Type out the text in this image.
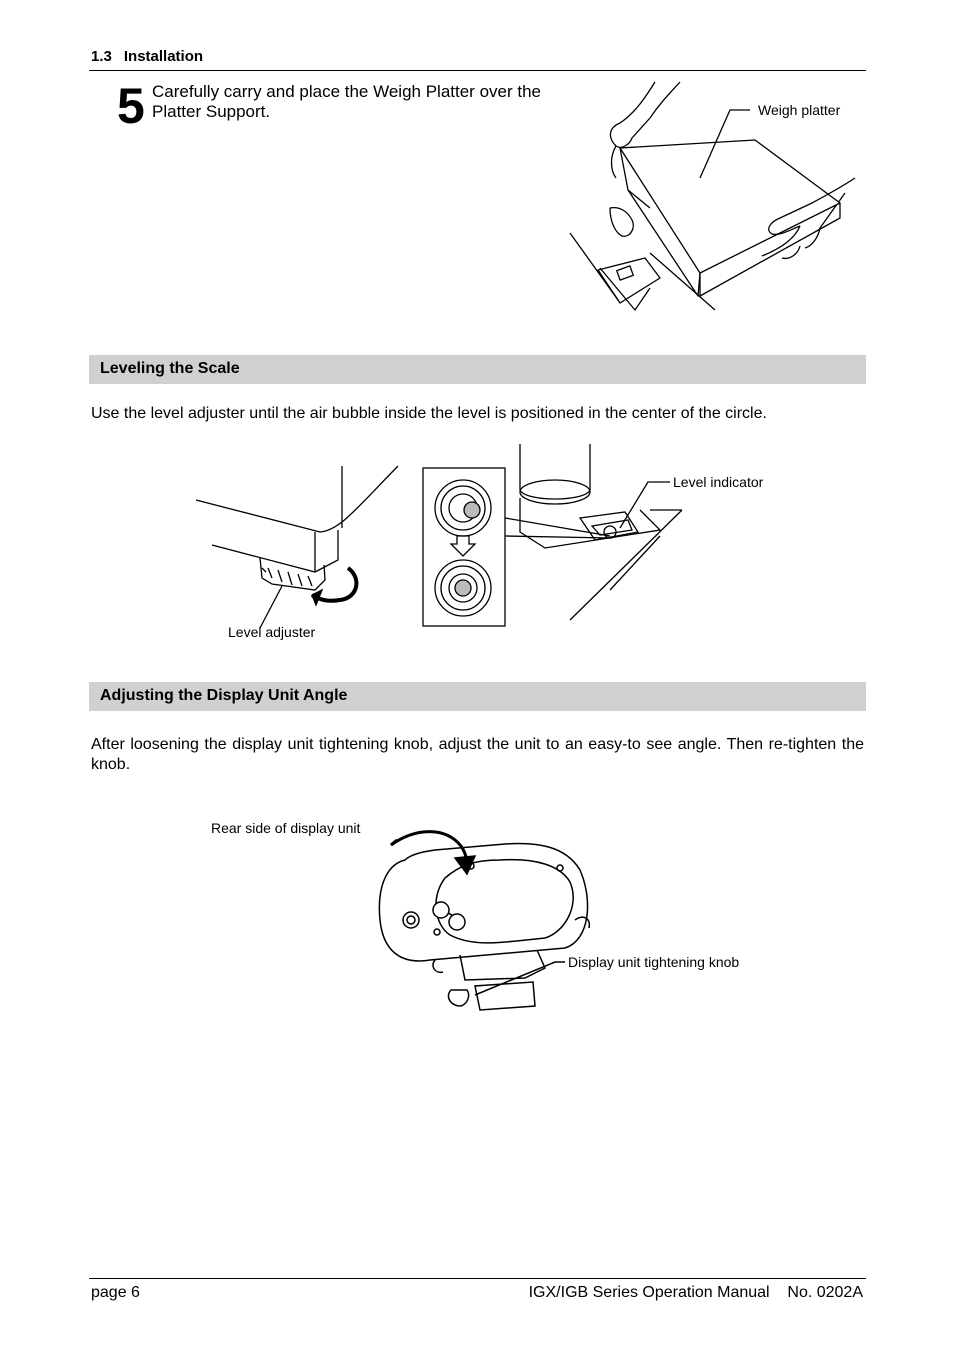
1.3 Installation
5 Carefully carry and place the Weigh Platter over the Platter Support.	Weigh platter
Leveling the Scale
Use the level adjuster until the air bubble inside the level is positioned in the center of the circle.
Level adjuster
Level indicator
Adjusting the Display Unit Angle
After loosening the display unit tightening knob, adjust the unit to an easy-to see angle. Then re-tighten the knob.
Rear side of display unit
Display unit tightening knob
page 6	IGX/IGB Series Operation Manual    No. 0202A
